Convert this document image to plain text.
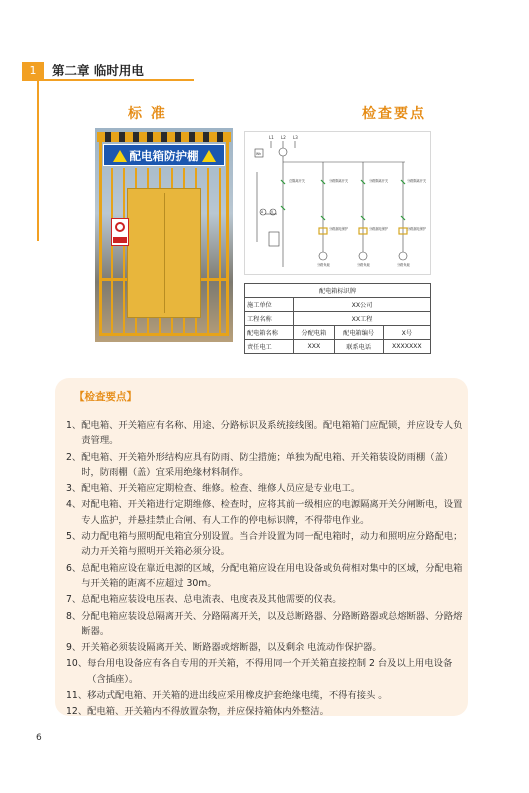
1	第二章 临时用电
标 准	检查要点
配电箱防护棚
L1 L2 L3
总隔离开关	分路隔离开关	分路隔离开关	分路隔离开关
分路漏电保护	分路漏电保护	分路漏电保护
分路负载	分路负载	分路负载
Wh
A V
配电箱标识牌			
施工单位	XX公司		
工程名称	XX工程		
配电箱名称	分配电箱	配电箱编号	X号
责任电工	XXX	联系电话	XXXXXXX
【检查要点】
1、 配电箱、开关箱应有名称、用途、分路标识及系统接线图。配电箱箱门应配锁，并应设专人负责管理。
2、 配电箱、开关箱外形结构应具有防雨、防尘措施；单独为配电箱、开关箱装设防雨棚（盖）时，防雨棚（盖）宜采用绝缘材料制作。
3、 配电箱、开关箱应定期检查、维修。检查、维修人员应是专业电工。
4、 对配电箱、开关箱进行定期维修、检查时，应将其前一级相应的电源隔离开关分闸断电，设置专人监护，并悬挂禁止合闸、有人工作的停电标识牌，不得带电作业。
5、 动力配电箱与照明配电箱宜分别设置。当合并设置为同一配电箱时，动力和照明应分路配电；动力开关箱与照明开关箱必须分设。
6、 总配电箱应设在靠近电源的区域，分配电箱应设在用电设备或负荷相对集中的区域，分配电箱与开关箱的距离不应超过 30m。
7、 总配电箱应装设电压表、总电流表、电度表及其他需要的仪表。
8、 分配电箱应装设总隔离开关、分路隔离开关，以及总断路器、分路断路器或总熔断器、分路熔断器。
9、 开关箱必须装设隔离开关、断路器或熔断器，以及剩余 电流动作保护器。
10、 每台用电设备应有各自专用的开关箱，不得用同一个开关箱直接控制 2 台及以上用电设备（含插座）。
11、 移动式配电箱、开关箱的进出线应采用橡皮护套绝缘电缆，不得有接头 。
12、 配电箱、开关箱内不得放置杂物，并应保持箱体内外整洁。
6
